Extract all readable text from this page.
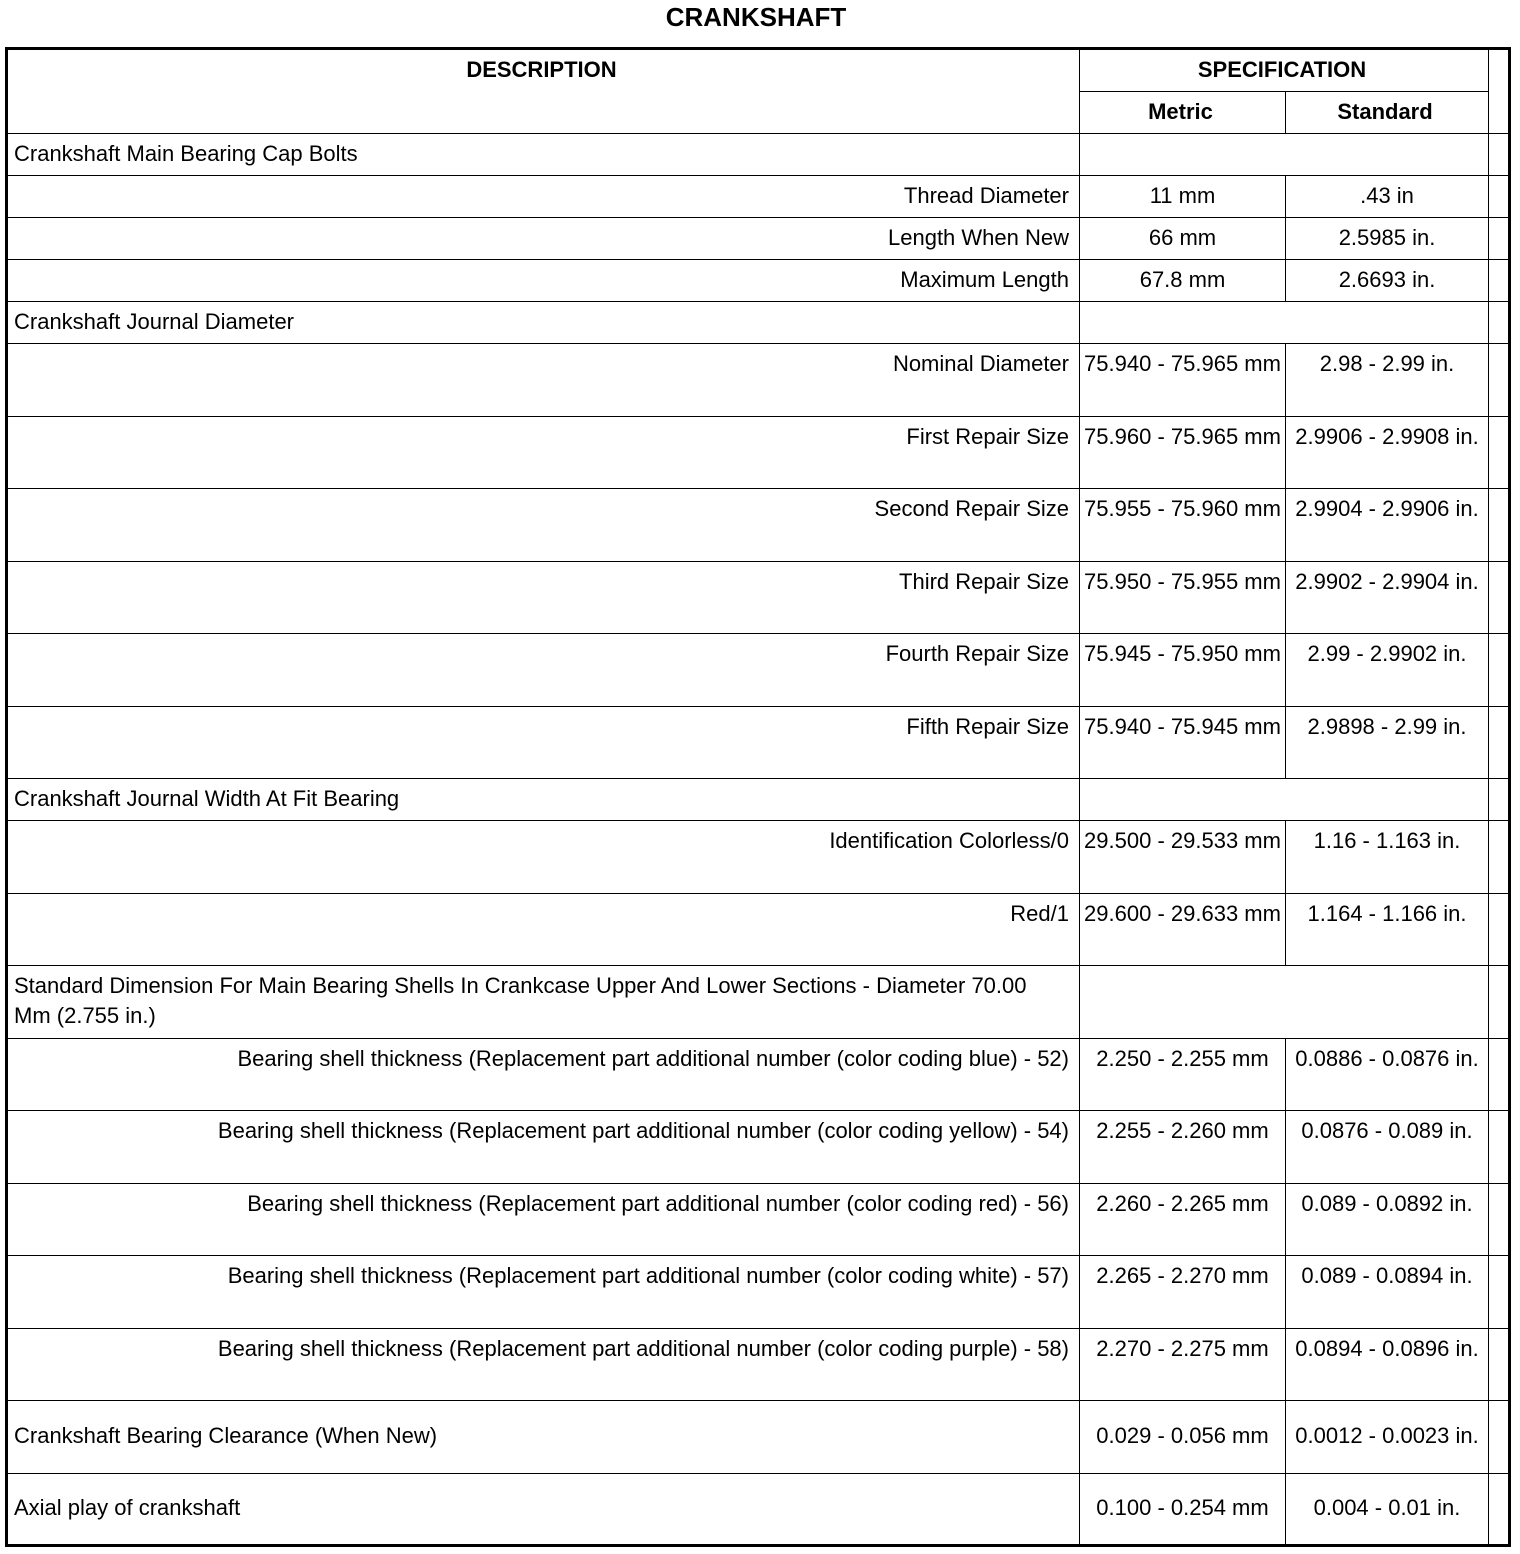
CRANKSHAFT
DESCRIPTION	SPECIFICATION		
	Metric	Standard	
Crankshaft Main Bearing Cap Bolts			
Thread Diameter	11 mm	.43 in	
Length When New	66 mm	2.5985 in.	
Maximum Length	67.8 mm	2.6693 in.	
Crankshaft Journal Diameter			
Nominal Diameter	75.940 - 75.965 mm	2.98 - 2.99 in.	
First Repair Size	75.960 - 75.965 mm	2.9906 - 2.9908 in.	
Second Repair Size	75.955 - 75.960 mm	2.9904 - 2.9906 in.	
Third Repair Size	75.950 - 75.955 mm	2.9902 - 2.9904 in.	
Fourth Repair Size	75.945 - 75.950 mm	2.99 - 2.9902 in.	
Fifth Repair Size	75.940 - 75.945 mm	2.9898 - 2.99 in.	
Crankshaft Journal Width At Fit Bearing			
Identification Colorless/0	29.500 - 29.533 mm	1.16 - 1.163 in.	
Red/1	29.600 - 29.633 mm	1.164 - 1.166 in.	
Standard Dimension For Main Bearing Shells In Crankcase Upper And Lower Sections - Diameter 70.00 Mm (2.755 in.)			
Bearing shell thickness (Replacement part additional number (color coding blue) - 52)	2.250 - 2.255 mm	0.0886 - 0.0876 in.	
Bearing shell thickness (Replacement part additional number (color coding yellow) - 54)	2.255 - 2.260 mm	0.0876 - 0.089 in.	
Bearing shell thickness (Replacement part additional number (color coding red) - 56)	2.260 - 2.265 mm	0.089 - 0.0892 in.	
Bearing shell thickness (Replacement part additional number (color coding white) - 57)	2.265 - 2.270 mm	0.089 - 0.0894 in.	
Bearing shell thickness (Replacement part additional number (color coding purple) - 58)	2.270 - 2.275 mm	0.0894 - 0.0896 in.	
Crankshaft Bearing Clearance (When New)	0.029 - 0.056 mm	0.0012 - 0.0023 in.	
Axial play of crankshaft	0.100 - 0.254 mm	0.004 - 0.01 in.	
